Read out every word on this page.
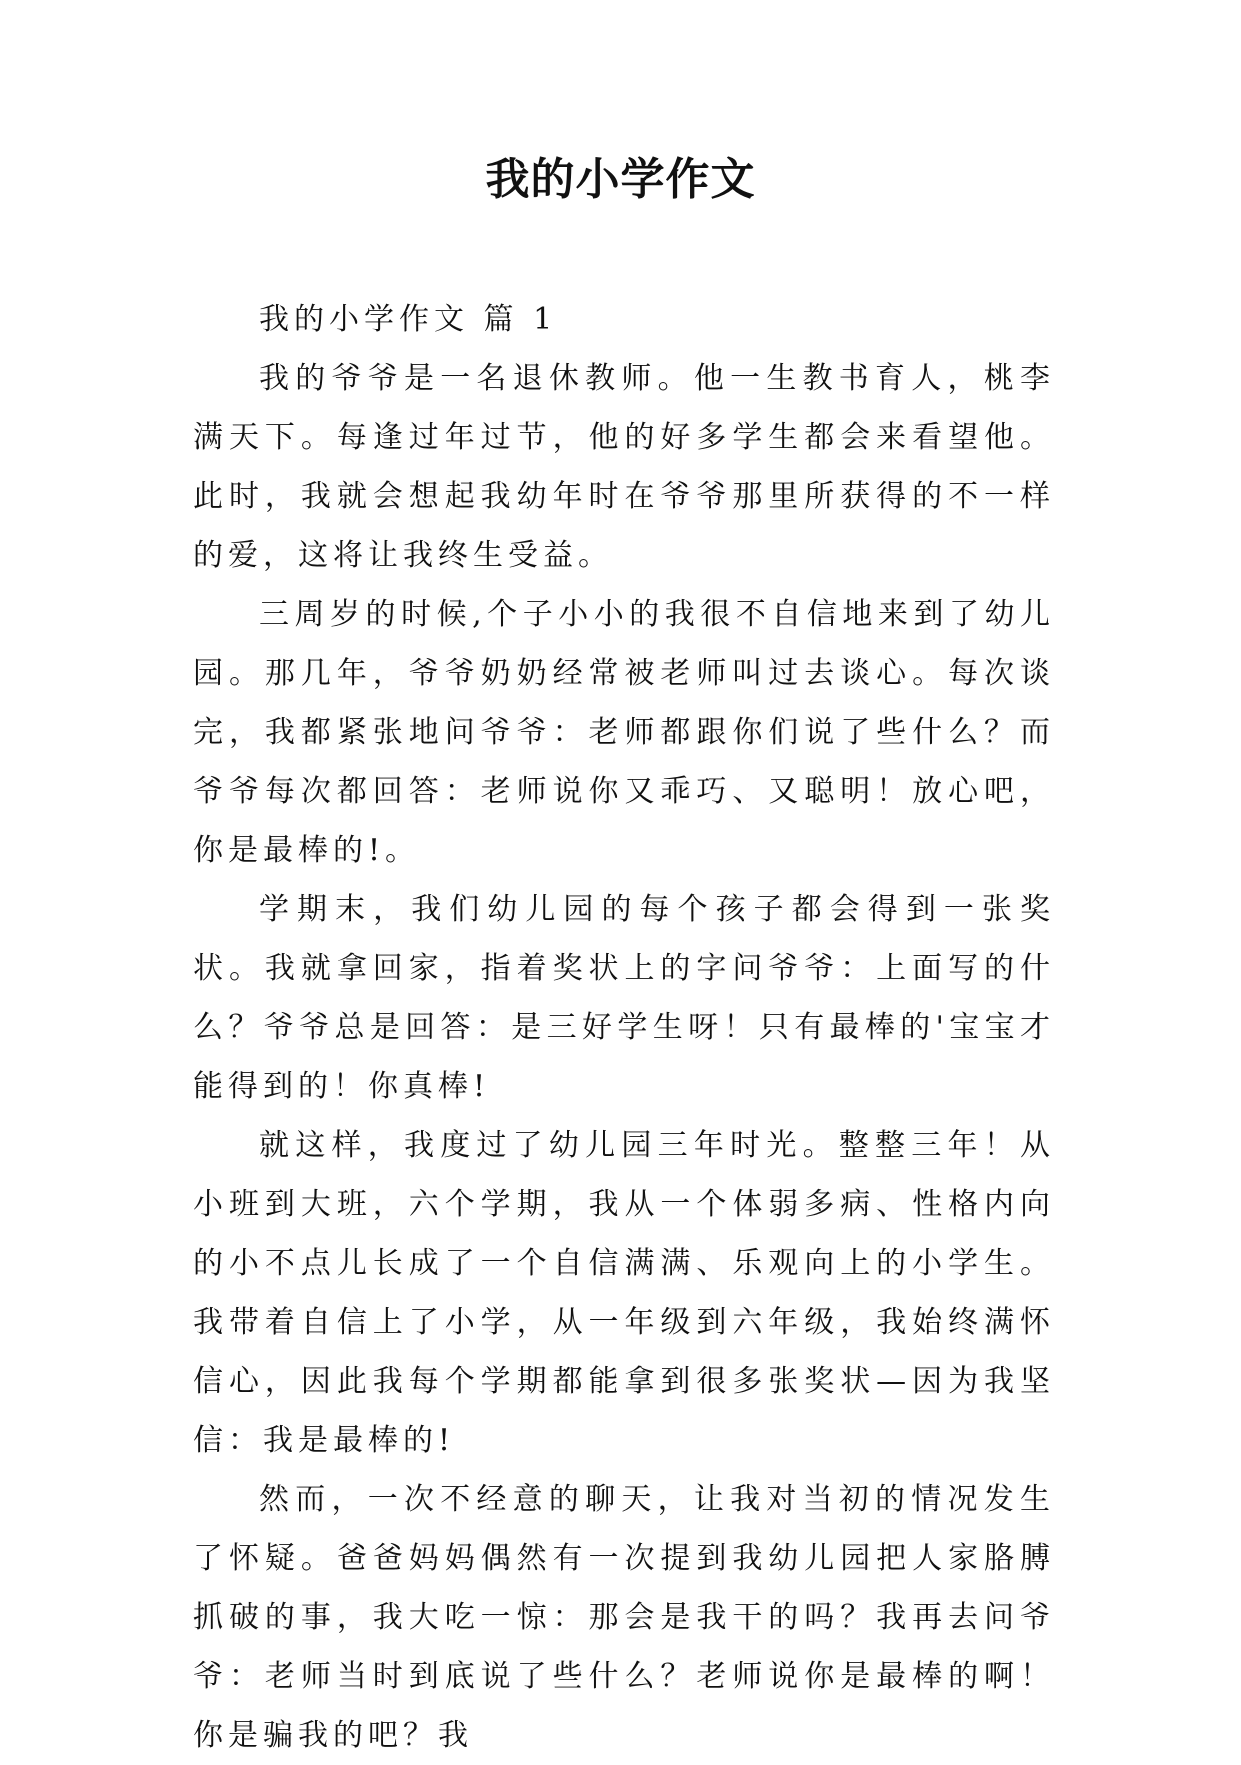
我的小学作文

我的小学作文 篇 1

我的爷爷是一名退休教师。他一生教书育人，桃李满天下。每逢过年过节，他的好多学生都会来看望他。此时，我就会想起我幼年时在爷爷那里所获得的不一样的爱，这将让我终生受益。

三周岁的时候,个子小小的我很不自信地来到了幼儿园。那几年，爷爷奶奶经常被老师叫过去谈心。每次谈完，我都紧张地问爷爷：老师都跟你们说了些什么？而爷爷每次都回答：老师说你又乖巧、又聪明！放心吧，你是最棒的!。

学期末，我们幼儿园的每个孩子都会得到一张奖状。我就拿回家，指着奖状上的字问爷爷：上面写的什么？爷爷总是回答：是三好学生呀！只有最棒的'宝宝才能得到的！你真棒!

就这样，我度过了幼儿园三年时光。整整三年！从小班到大班，六个学期，我从一个体弱多病、性格内向的小不点儿长成了一个自信满满、乐观向上的小学生。我带着自信上了小学，从一年级到六年级，我始终满怀信心，因此我每个学期都能拿到很多张奖状—因为我坚信：我是最棒的!

然而，一次不经意的聊天，让我对当初的情况发生了怀疑。爸爸妈妈偶然有一次提到我幼儿园把人家胳膊抓破的事，我大吃一惊：那会是我干的吗？我再去问爷爷：老师当时到底说了些什么？老师说你是最棒的啊！你是骗我的吧？我
